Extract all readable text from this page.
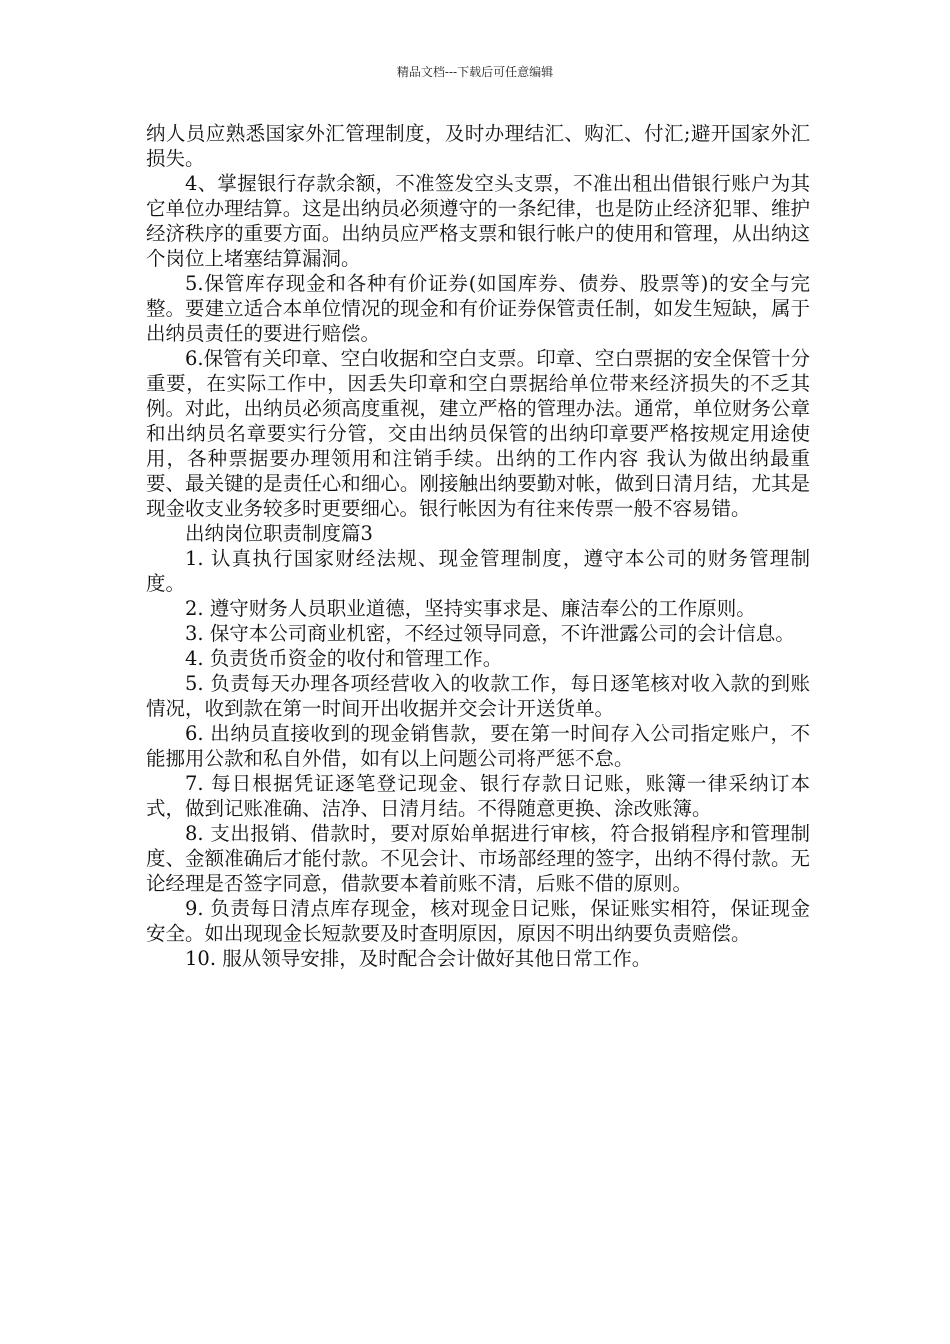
精品文档---下载后可任意编辑

纳人员应熟悉国家外汇管理制度，及时办理结汇、购汇、付汇;避开国家外汇损失。

4、掌握银行存款余额，不准签发空头支票，不准出租出借银行账户为其它单位办理结算。这是出纳员必须遵守的一条纪律，也是防止经济犯罪、维护经济秩序的重要方面。出纳员应严格支票和银行帐户的使用和管理，从出纳这个岗位上堵塞结算漏洞。

5.保管库存现金和各种有价证券(如国库券、债券、股票等)的安全与完整。要建立适合本单位情况的现金和有价证券保管责任制，如发生短缺，属于出纳员责任的要进行赔偿。

6.保管有关印章、空白收据和空白支票。印章、空白票据的安全保管十分重要，在实际工作中，因丢失印章和空白票据给单位带来经济损失的不乏其例。对此，出纳员必须高度重视，建立严格的管理办法。通常，单位财务公章和出纳员名章要实行分管，交由出纳员保管的出纳印章要严格按规定用途使用，各种票据要办理领用和注销手续。出纳的工作内容 我认为做出纳最重要、最关键的是责任心和细心。刚接触出纳要勤对帐，做到日清月结，尤其是现金收支业务较多时更要细心。银行帐因为有往来传票一般不容易错。

出纳岗位职责制度篇3

1. 认真执行国家财经法规、现金管理制度，遵守本公司的财务管理制度。

2. 遵守财务人员职业道德，坚持实事求是、廉洁奉公的工作原则。

3. 保守本公司商业机密，不经过领导同意，不许泄露公司的会计信息。

4. 负责货币资金的收付和管理工作。

5. 负责每天办理各项经营收入的收款工作，每日逐笔核对收入款的到账情况，收到款在第一时间开出收据并交会计开送货单。

6. 出纳员直接收到的现金销售款，要在第一时间存入公司指定账户，不能挪用公款和私自外借，如有以上问题公司将严惩不怠。

7. 每日根据凭证逐笔登记现金、银行存款日记账，账簿一律采纳订本式，做到记账准确、洁净、日清月结。不得随意更换、涂改账簿。

8. 支出报销、借款时，要对原始单据进行审核，符合报销程序和管理制度、金额准确后才能付款。不见会计、市场部经理的签字，出纳不得付款。无论经理是否签字同意，借款要本着前账不清，后账不借的原则。

9. 负责每日清点库存现金，核对现金日记账，保证账实相符，保证现金安全。如出现现金长短款要及时查明原因，原因不明出纳要负责赔偿。

10. 服从领导安排，及时配合会计做好其他日常工作。
